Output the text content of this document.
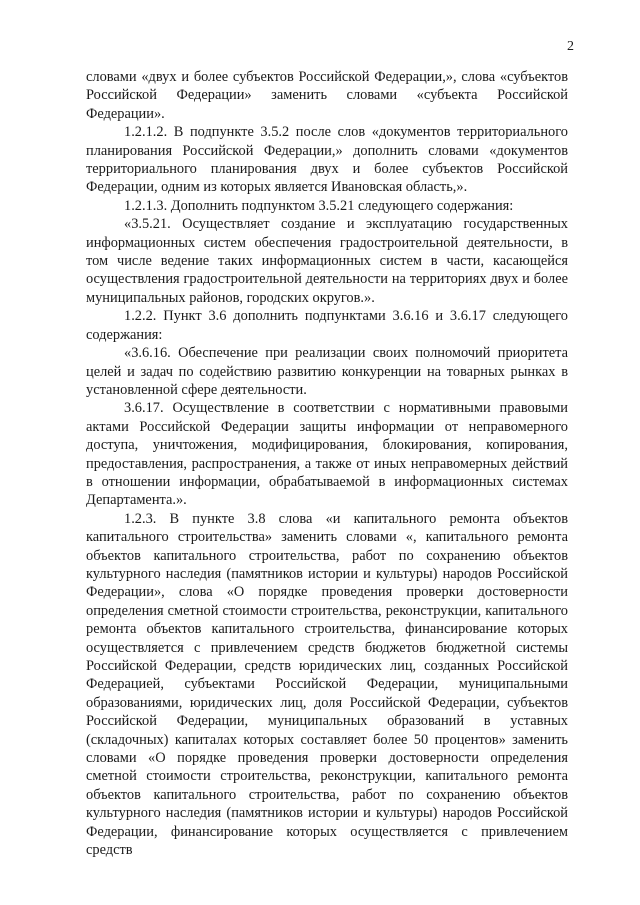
2

словами «двух и более субъектов Российской Федерации,», слова «субъектов Российской Федерации» заменить словами «субъекта Российской Федерации».

1.2.1.2. В подпункте 3.5.2 после слов «документов территориального планирования Российской Федерации,» дополнить словами «документов территориального планирования двух и более субъектов Российской Федерации, одним из которых является Ивановская область,».

1.2.1.3. Дополнить подпунктом 3.5.21 следующего содержания:

«3.5.21. Осуществляет создание и эксплуатацию государственных информационных систем обеспечения градостроительной деятельности, в том числе ведение таких информационных систем в части, касающейся осуществления градостроительной деятельности на территориях двух и более муниципальных районов, городских округов.».

1.2.2. Пункт 3.6 дополнить подпунктами 3.6.16 и 3.6.17 следующего содержания:

«3.6.16. Обеспечение при реализации своих полномочий приоритета целей и задач по содействию развитию конкуренции на товарных рынках в установленной сфере деятельности.

3.6.17. Осуществление в соответствии с нормативными правовыми актами Российской Федерации защиты информации от неправомерного доступа, уничтожения, модифицирования, блокирования, копирования, предоставления, распространения, а также от иных неправомерных действий в отношении информации, обрабатываемой в информационных системах Департамента.».

1.2.3. В пункте 3.8 слова «и капитального ремонта объектов капитального строительства» заменить словами «, капитального ремонта объектов капитального строительства, работ по сохранению объектов культурного наследия (памятников истории и культуры) народов Российской Федерации», слова «О порядке проведения проверки достоверности определения сметной стоимости строительства, реконструкции, капитального ремонта объектов капитального строительства, финансирование которых осуществляется с привлечением средств бюджетов бюджетной системы Российской Федерации, средств юридических лиц, созданных Российской Федерацией, субъектами Российской Федерации, муниципальными образованиями, юридических лиц, доля Российской Федерации, субъектов Российской Федерации, муниципальных образований в уставных (складочных) капиталах которых составляет более 50 процентов» заменить словами «О порядке проведения проверки достоверности определения сметной стоимости строительства, реконструкции, капитального ремонта объектов капитального строительства, работ по сохранению объектов культурного наследия (памятников истории и культуры) народов Российской Федерации, финансирование которых осуществляется с привлечением средств
